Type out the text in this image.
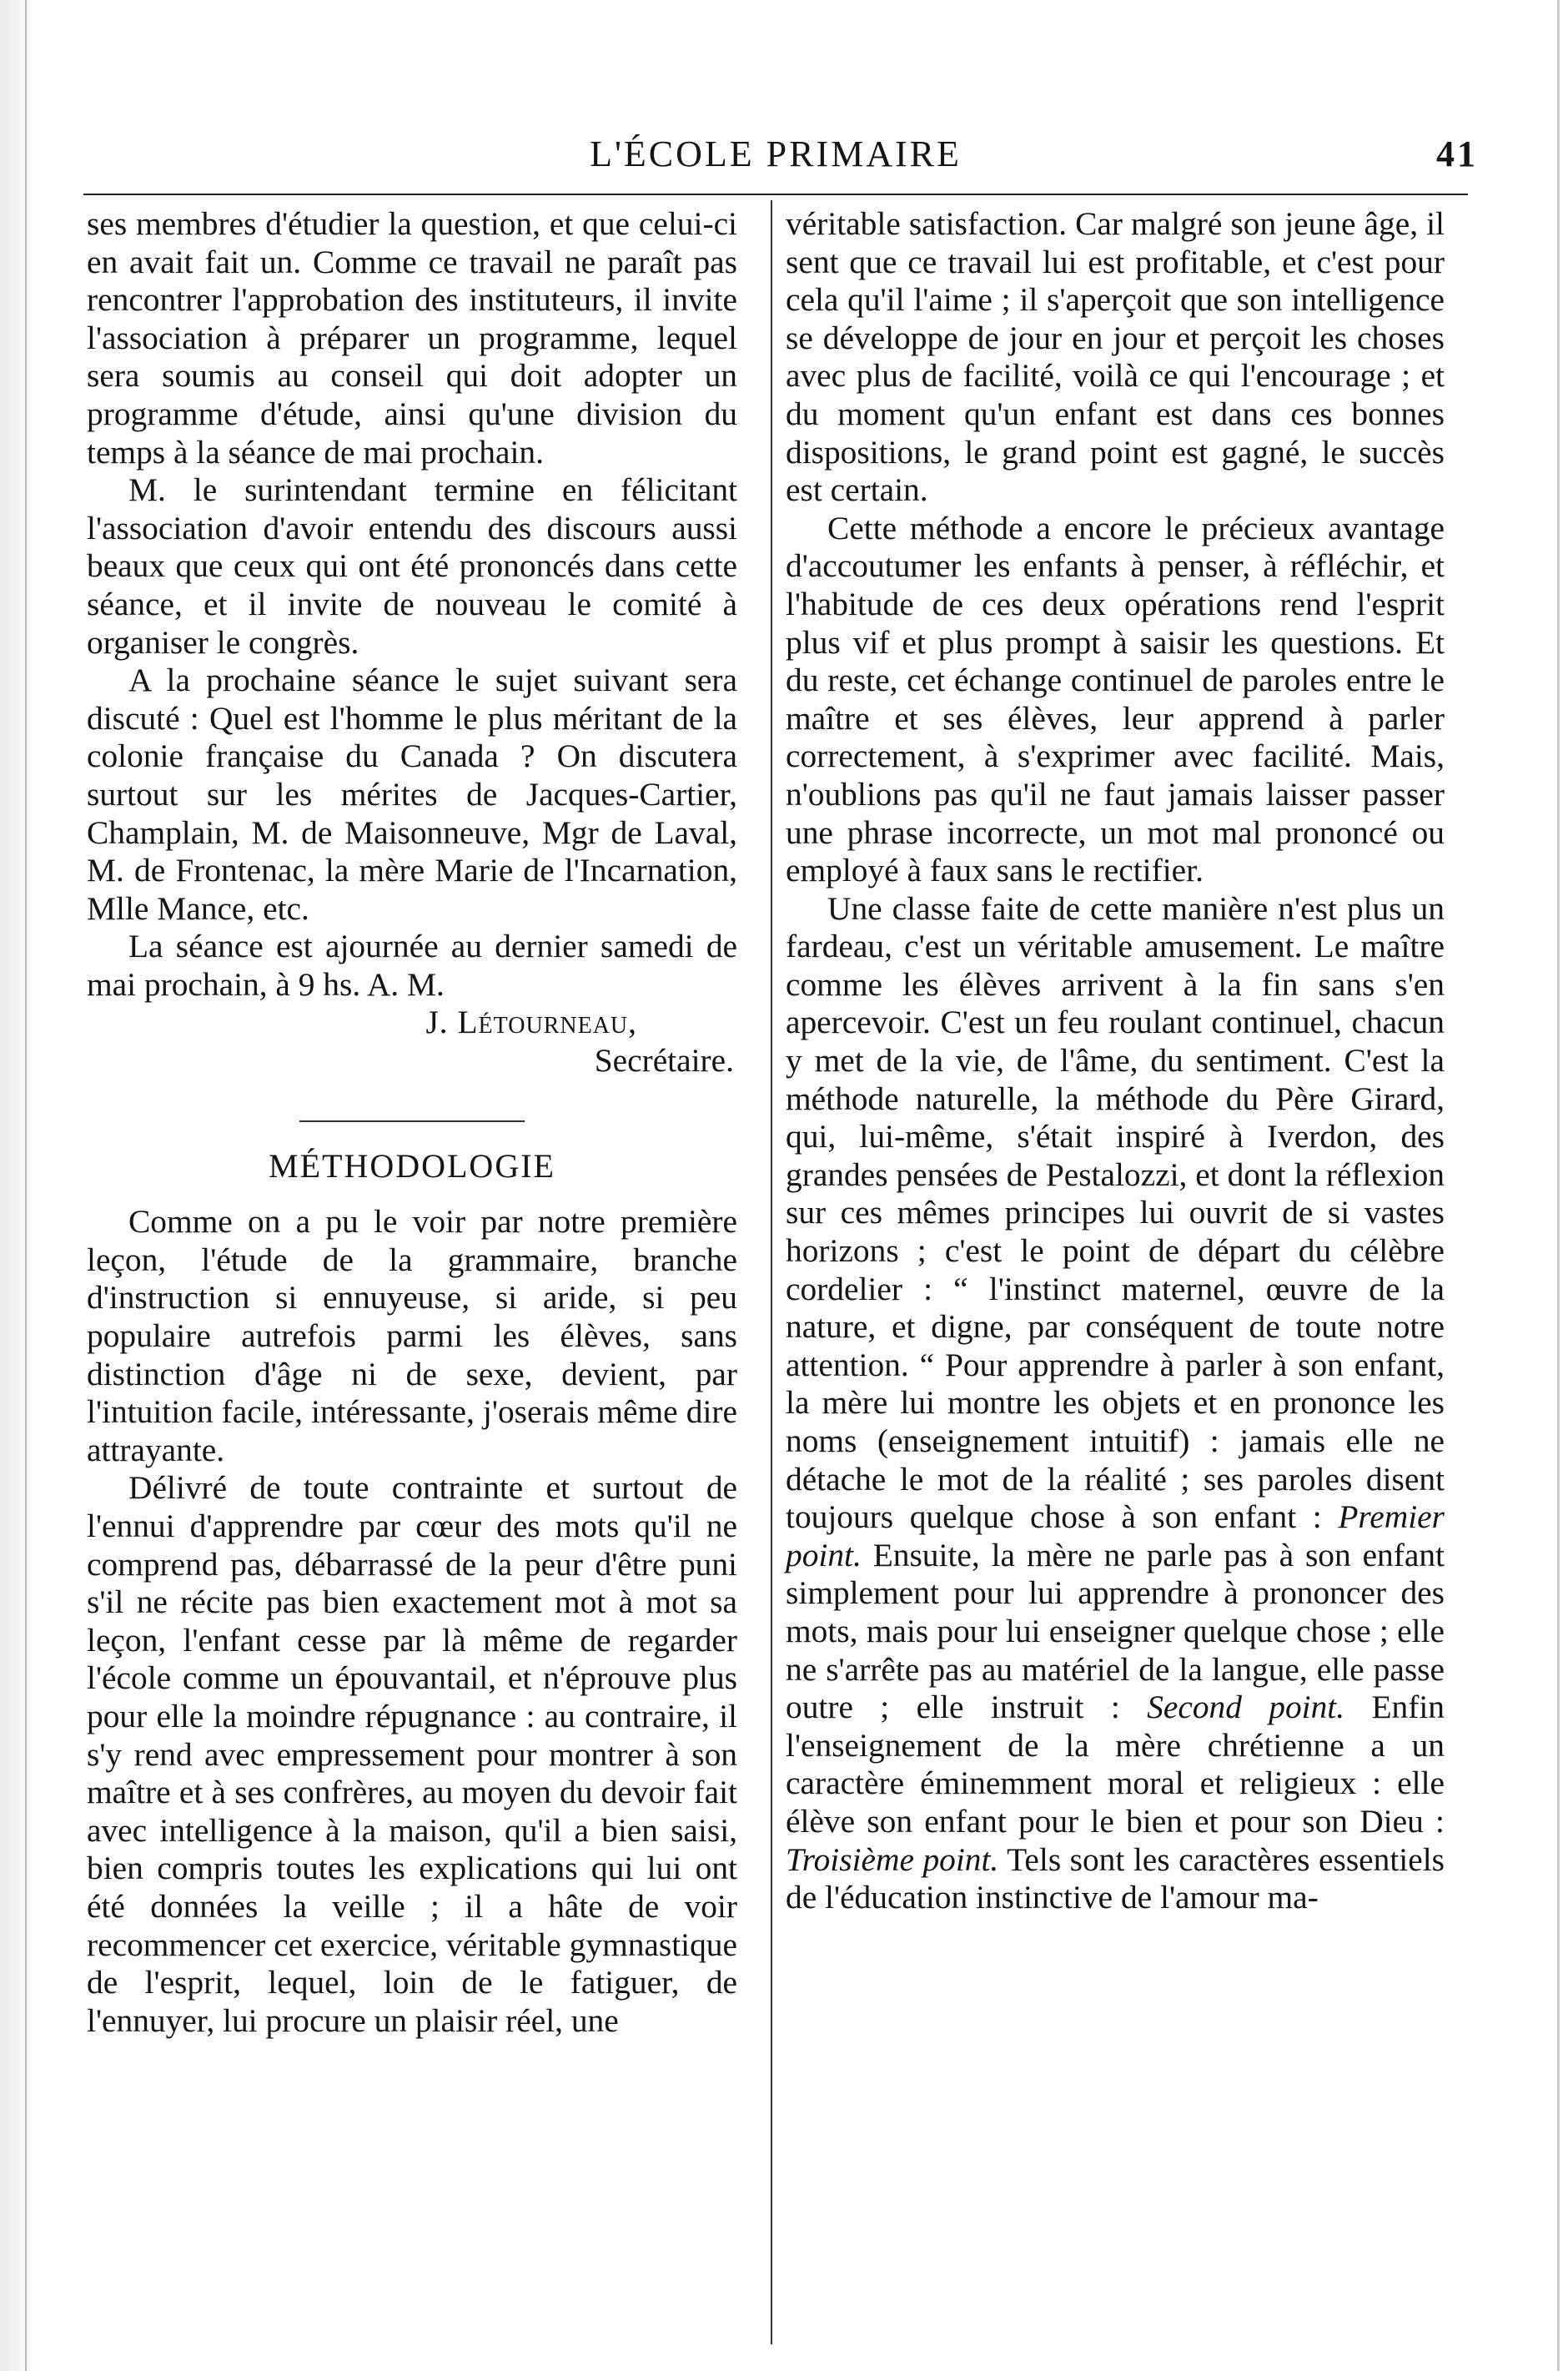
L'ÉCOLE PRIMAIRE	41

ses membres d'étudier la question, et que celui-ci en avait fait un. Comme ce travail ne paraît pas rencontrer l'approbation des instituteurs, il invite l'association à préparer un programme, lequel sera soumis au conseil qui doit adopter un programme d'étude, ainsi qu'une division du temps à la séance de mai prochain.

M. le surintendant termine en félicitant l'association d'avoir entendu des discours aussi beaux que ceux qui ont été prononcés dans cette séance, et il invite de nouveau le comité à organiser le congrès.

A la prochaine séance le sujet suivant sera discuté : Quel est l'homme le plus méritant de la colonie française du Canada ? On discutera surtout sur les mérites de Jacques-Cartier, Champlain, M. de Maisonneuve, Mgr de Laval, M. de Frontenac, la mère Marie de l'Incarnation, Mlle Mance, etc.

La séance est ajournée au dernier samedi de mai prochain, à 9 hs. A. M.

J. Létourneau,

Secrétaire.

MÉTHODOLOGIE

Comme on a pu le voir par notre première leçon, l'étude de la grammaire, branche d'instruction si ennuyeuse, si aride, si peu populaire autrefois parmi les élèves, sans distinction d'âge ni de sexe, devient, par l'intuition facile, intéressante, j'oserais même dire attrayante.

Délivré de toute contrainte et surtout de l'ennui d'apprendre par cœur des mots qu'il ne comprend pas, débarrassé de la peur d'être puni s'il ne récite pas bien exactement mot à mot sa leçon, l'enfant cesse par là même de regarder l'école comme un épouvantail, et n'éprouve plus pour elle la moindre répugnance : au contraire, il s'y rend avec empressement pour montrer à son maître et à ses confrères, au moyen du devoir fait avec intelligence à la maison, qu'il a bien saisi, bien compris toutes les explications qui lui ont été données la veille ; il a hâte de voir recommencer cet exercice, véritable gymnastique de l'esprit, lequel, loin de le fatiguer, de l'ennuyer, lui procure un plaisir réel, une

véritable satisfaction. Car malgré son jeune âge, il sent que ce travail lui est profitable, et c'est pour cela qu'il l'aime ; il s'aperçoit que son intelligence se développe de jour en jour et perçoit les choses avec plus de facilité, voilà ce qui l'encourage ; et du moment qu'un enfant est dans ces bonnes dispositions, le grand point est gagné, le succès est certain.

Cette méthode a encore le précieux avantage d'accoutumer les enfants à penser, à réfléchir, et l'habitude de ces deux opérations rend l'esprit plus vif et plus prompt à saisir les questions. Et du reste, cet échange continuel de paroles entre le maître et ses élèves, leur apprend à parler correctement, à s'exprimer avec facilité. Mais, n'oublions pas qu'il ne faut jamais laisser passer une phrase incorrecte, un mot mal prononcé ou employé à faux sans le rectifier.

Une classe faite de cette manière n'est plus un fardeau, c'est un véritable amusement. Le maître comme les élèves arrivent à la fin sans s'en apercevoir. C'est un feu roulant continuel, chacun y met de la vie, de l'âme, du sentiment. C'est la méthode naturelle, la méthode du Père Girard, qui, lui-même, s'était inspiré à Iverdon, des grandes pensées de Pestalozzi, et dont la réflexion sur ces mêmes principes lui ouvrit de si vastes horizons ; c'est le point de départ du célèbre cordelier : “ l'instinct maternel, œuvre de la nature, et digne, par conséquent de toute notre attention. “ Pour apprendre à parler à son enfant, la mère lui montre les objets et en prononce les noms (enseignement intuitif) : jamais elle ne détache le mot de la réalité ; ses paroles disent toujours quelque chose à son enfant : Premier point. Ensuite, la mère ne parle pas à son enfant simplement pour lui apprendre à prononcer des mots, mais pour lui enseigner quelque chose ; elle ne s'arrête pas au matériel de la langue, elle passe outre ; elle instruit : Second point. Enfin l'enseignement de la mère chrétienne a un caractère éminemment moral et religieux : elle élève son enfant pour le bien et pour son Dieu : Troisième point. Tels sont les caractères essentiels de l'éducation instinctive de l'amour ma-
